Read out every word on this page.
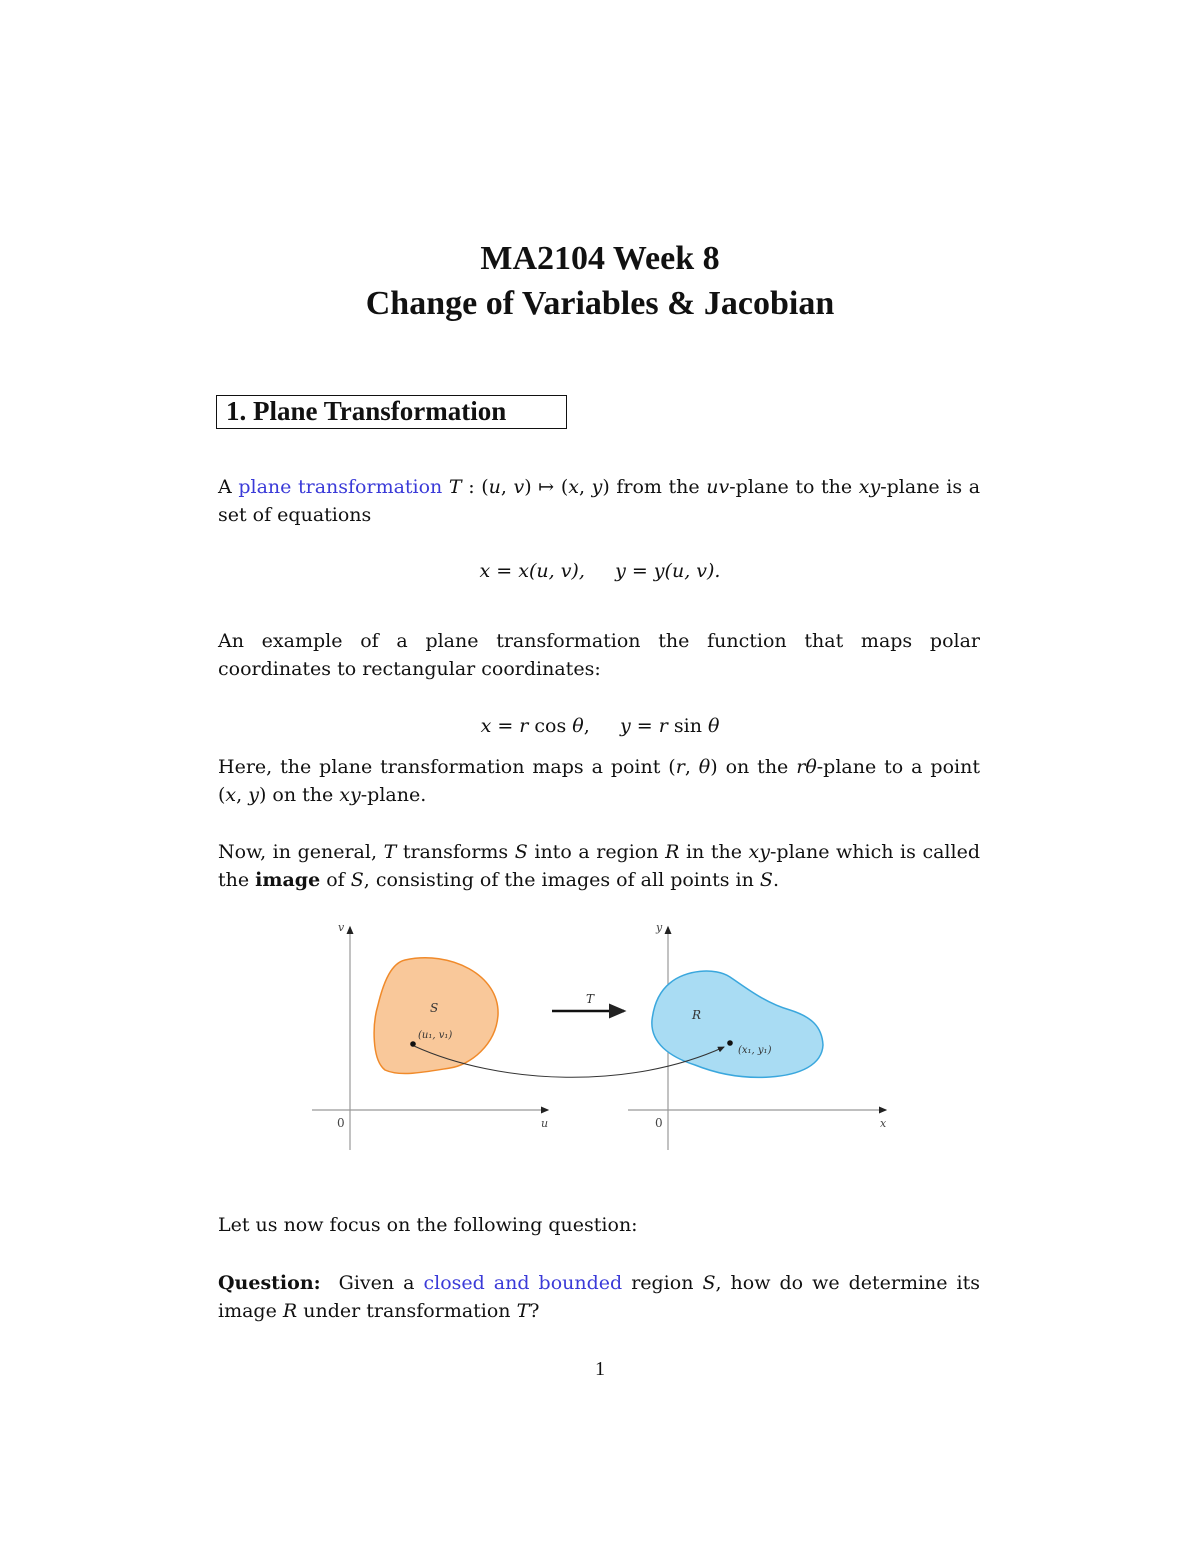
MA2104 Week 8
Change of Variables & Jacobian
1. Plane Transformation

A plane transformation T : (u, v) ↦ (x, y) from the uv-plane to the xy-plane is a set of equations

x = x(u, v),     y = y(u, v).

An example of a plane transformation the function that maps polar coordinates to rectangular coordinates:

x = r cos θ,     y = r sin θ

Here, the plane transformation maps a point (r, θ) on the rθ-plane to a point (x, y) on the xy-plane.

Now, in general, T transforms S into a region R in the xy-plane which is called the image of S, consisting of the images of all points in S.

v
u
0
S
(u₁, v₁)
T
y
x
0
R
(x₁, y₁)

Let us now focus on the following question:

Question:  Given a closed and bounded region S, how do we determine its image R under transformation T?

1
